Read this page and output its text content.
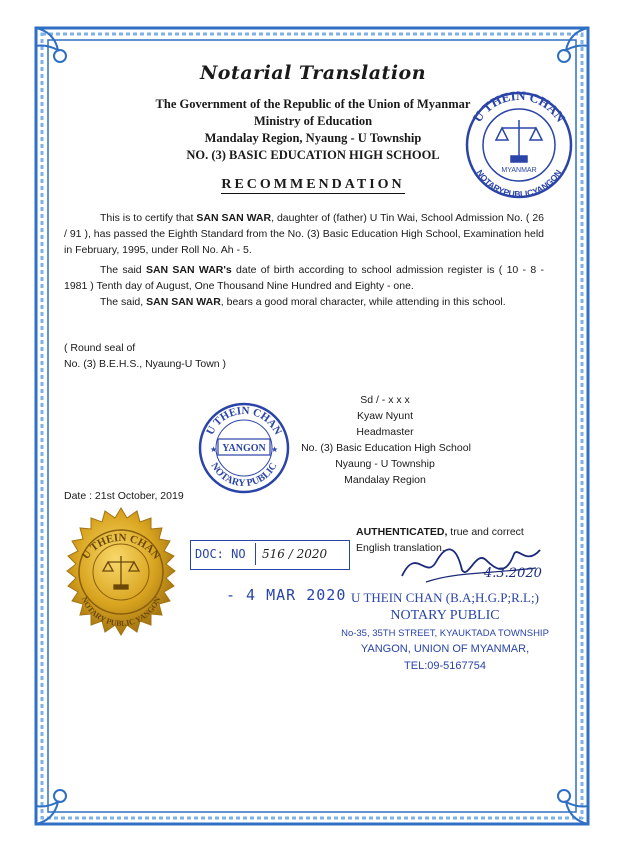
Notarial Translation
The Government of the Republic of the Union of Myanmar
Ministry of Education
Mandalay Region, Nyaung - U Township
NO. (3) BASIC EDUCATION HIGH SCHOOL
U THEIN CHAN
NOTARYPUBLICYANGON
MYANMAR
RECOMMENDATION
This is to certify that SAN SAN WAR, daughter of (father) U Tin Wai, School Admission No. ( 26 / 91 ), has passed the Eighth Standard from the No. (3) Basic Education High School, Examination held in February, 1995, under Roll No. Ah - 5.
The said SAN SAN WAR's date of birth according to school admission register is ( 10 - 8 - 1981 ) Tenth day of August, One Thousand Nine Hundred and Eighty - one.
The said, SAN SAN WAR, bears a good moral character, while attending in this school.
( Round seal of
No. (3) B.E.H.S., Nyaung-U Town )
U THEIN CHAN
NOTARY PUBLIC
YANGON
★	★
Sd / - x x x
Kyaw Nyunt
Headmaster
No. (3) Basic Education High School
Nyaung - U Township
Mandalay Region
Date : 21st October, 2019
U THEIN CHAN
NOTARY PUBLIC YANGON
AUTHENTICATED, true and correct
English translation.
4.3.2020
DOC: NO	516 / 2020
- 4 MAR 2020 U THEIN CHAN (B.A;H.G.P;R.L;)
NOTARY PUBLIC
No-35, 35TH STREET, KYAUKTADA TOWNSHIP
YANGON, UNION OF MYANMAR,
TEL:09-5167754
